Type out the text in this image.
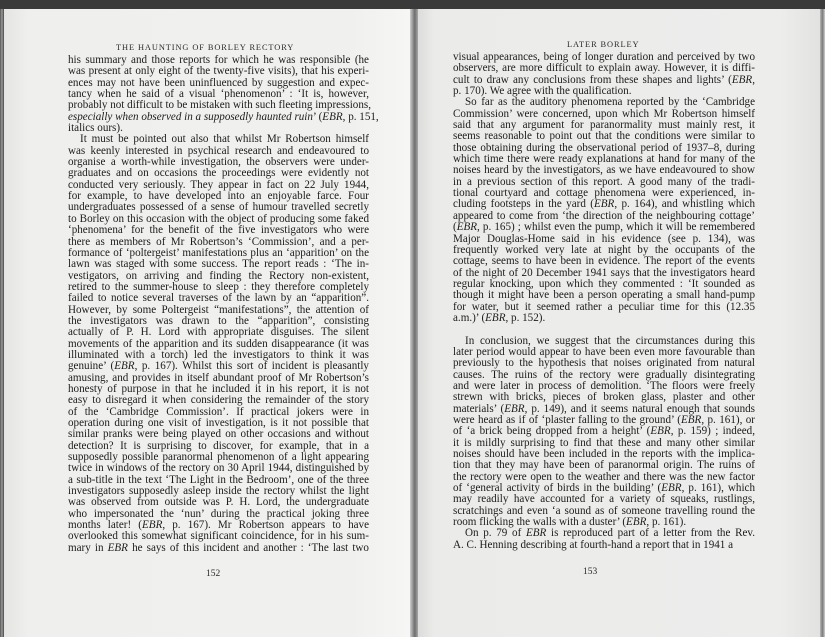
THE HAUNTING OF BORLEY RECTORY
his summary and those reports for which he was responsible (he
was present at only eight of the twenty-five visits), that his experi-
ences may not have been uninfluenced by suggestion and expec-
tancy when he said of a visual ‘phenomenon’ : ‘It is, however,
probably not difficult to be mistaken with such fleeting impressions,
especially when observed in a supposedly haunted ruin’ (EBR, p. 151,
italics ours).
It must be pointed out also that whilst Mr Robertson himself
was keenly interested in psychical research and endeavoured to
organise a worth-while investigation, the observers were under-
graduates and on occasions the proceedings were evidently not
conducted very seriously. They appear in fact on 22 July 1944,
for example, to have developed into an enjoyable farce. Four
undergraduates possessed of a sense of humour travelled secretly
to Borley on this occasion with the object of producing some faked
‘phenomena’ for the benefit of the five investigators who were
there as members of Mr Robertson’s ‘Commission’, and a per-
formance of ‘poltergeist’ manifestations plus an ‘apparition’ on the
lawn was staged with some success. The report reads : ‘The in-
vestigators, on arriving and finding the Rectory non-existent,
retired to the summer-house to sleep : they therefore completely
failed to notice several traverses of the lawn by an “apparition”.
However, by some Poltergeist “manifestations”, the attention of
the investigators was drawn to the “apparition”, consisting
actually of P. H. Lord with appropriate disguises. The silent
movements of the apparition and its sudden disappearance (it was
illuminated with a torch) led the investigators to think it was
genuine’ (EBR, p. 167). Whilst this sort of incident is pleasantly
amusing, and provides in itself abundant proof of Mr Robertson’s
honesty of purpose in that he included it in his report, it is not
easy to disregard it when considering the remainder of the story
of the ‘Cambridge Commission’. If practical jokers were in
operation during one visit of investigation, is it not possible that
similar pranks were being played on other occasions and without
detection? It is surprising to discover, for example, that in a
supposedly possible paranormal phenomenon of a light appearing
twice in windows of the rectory on 30 April 1944, distinguished by
a sub-title in the text ‘The Light in the Bedroom’, one of the three
investigators supposedly asleep inside the rectory whilst the light
was observed from outside was P. H. Lord, the undergraduate
who impersonated the ‘nun’ during the practical joking three
months later! (EBR, p. 167). Mr Robertson appears to have
overlooked this somewhat significant coincidence, for in his sum-
mary in EBR he says of this incident and another : ‘The last two
152
LATER BORLEY
visual appearances, being of longer duration and perceived by two
observers, are more difficult to explain away. However, it is diffi-
cult to draw any conclusions from these shapes and lights’ (EBR,
p. 170). We agree with the qualification.
So far as the auditory phenomena reported by the ‘Cambridge
Commission’ were concerned, upon which Mr Robertson himself
said that any argument for paranormality must mainly rest, it
seems reasonable to point out that the conditions were similar to
those obtaining during the observational period of 1937–8, during
which time there were ready explanations at hand for many of the
noises heard by the investigators, as we have endeavoured to show
in a previous section of this report. A good many of the tradi-
tional courtyard and cottage phenomena were experienced, in-
cluding footsteps in the yard (EBR, p. 164), and whistling which
appeared to come from ‘the direction of the neighbouring cottage’
(EBR, p. 165) ; whilst even the pump, which it will be remembered
Major Douglas-Home said in his evidence (see p. 134), was
frequently worked very late at night by the occupants of the
cottage, seems to have been in evidence. The report of the events
of the night of 20 December 1941 says that the investigators heard
regular knocking, upon which they commented : ‘It sounded as
though it might have been a person operating a small hand-pump
for water, but it seemed rather a peculiar time for this (12.35
a.m.)’ (EBR, p. 152).
In conclusion, we suggest that the circumstances during this
later period would appear to have been even more favourable than
previously to the hypothesis that noises originated from natural
causes. The ruins of the rectory were gradually disintegrating
and were later in process of demolition. ‘The floors were freely
strewn with bricks, pieces of broken glass, plaster and other
materials’ (EBR, p. 149), and it seems natural enough that sounds
were heard as if of ‘plaster falling to the ground’ (EBR, p. 161), or
of ‘a brick being dropped from a height’ (EBR, p. 159) ; indeed,
it is mildly surprising to find that these and many other similar
noises should have been included in the reports with the implica-
tion that they may have been of paranormal origin. The ruins of
the rectory were open to the weather and there was the new factor
of ‘general activity of birds in the building’ (EBR, p. 161), which
may readily have accounted for a variety of squeaks, rustlings,
scratchings and even ‘a sound as of someone travelling round the
room flicking the walls with a duster’ (EBR, p. 161).
On p. 79 of EBR is reproduced part of a letter from the Rev.
A. C. Henning describing at fourth-hand a report that in 1941 a
153
